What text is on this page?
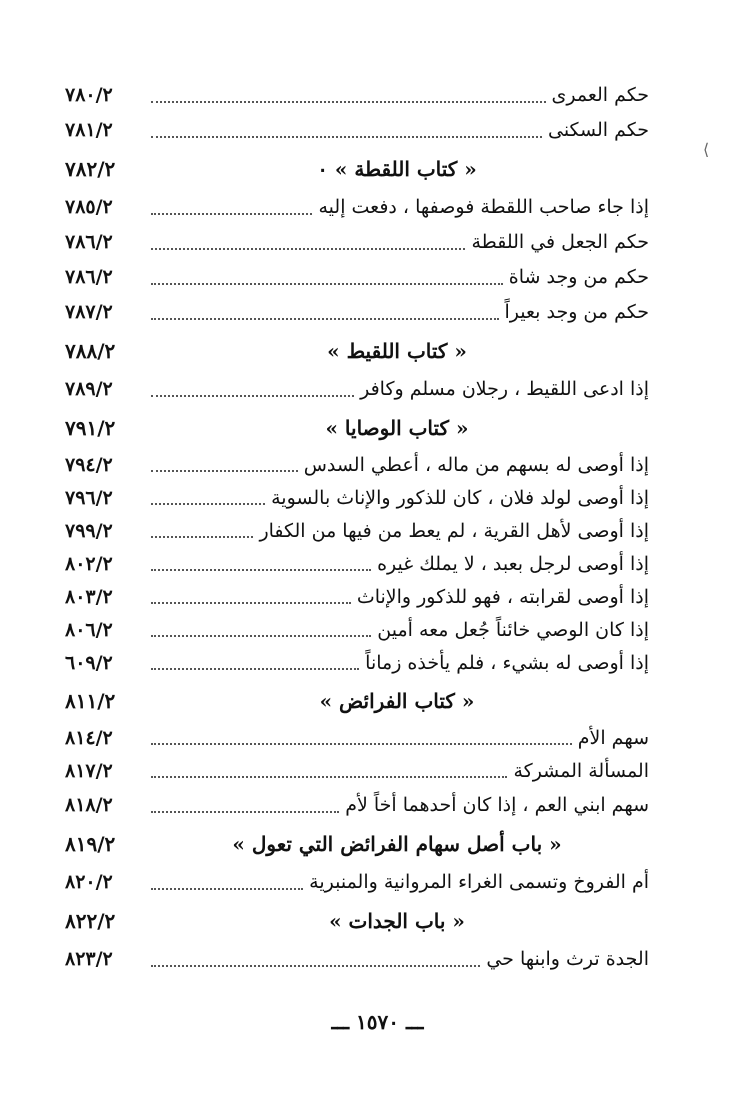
حكم العمرى
٧٨٠/٢
حكم السكنى
٧٨١/٢
« كتاب اللقطة » ٠
٧٨٢/٢
إذا جاء صاحب اللقطة فوصفها ، دفعت إليه
٧٨٥/٢
حكم الجعل في اللقطة
٧٨٦/٢
حكم من وجد شاة
٧٨٦/٢
حكم من وجد بعيراً
٧٨٧/٢
« كتاب اللقيط »
٧٨٨/٢
إذا ادعى اللقيط ، رجلان مسلم وكافر
٧٨٩/٢
« كتاب الوصايا »
٧٩١/٢
إذا أوصى له بسهم من ماله ، أعطي السدس
٧٩٤/٢
إذا أوصى لولد فلان ، كان للذكور والإناث بالسوية
٧٩٦/٢
إذا أوصى لأهل القرية ، لم يعط من فيها من الكفار
٧٩٩/٢
إذا أوصى لرجل بعبد ، لا يملك غيره
٨٠٢/٢
إذا أوصى لقرابته ، فهو للذكور والإناث
٨٠٣/٢
إذا كان الوصي خائناً جُعل معه أمين
٨٠٦/٢
إذا أوصى له بشيء ، فلم يأخذه زماناً
٦٠٩/٢
« كتاب الفرائض »
٨١١/٢
سهم الأم
٨١٤/٢
المسألة المشركة
٨١٧/٢
سهم ابني العم ، إذا كان أحدهما أخاً لأم
٨١٨/٢
« باب أصل سهام الفرائض التي تعول »
٨١٩/٢
أم الفروخ وتسمى الغراء المروانية والمنبرية
٨٢٠/٢
« باب الجدات »
٨٢٢/٢
الجدة ترث وابنها حي
٨٢٣/٢
⟩
ـــ ١٥٧٠ ـــ
